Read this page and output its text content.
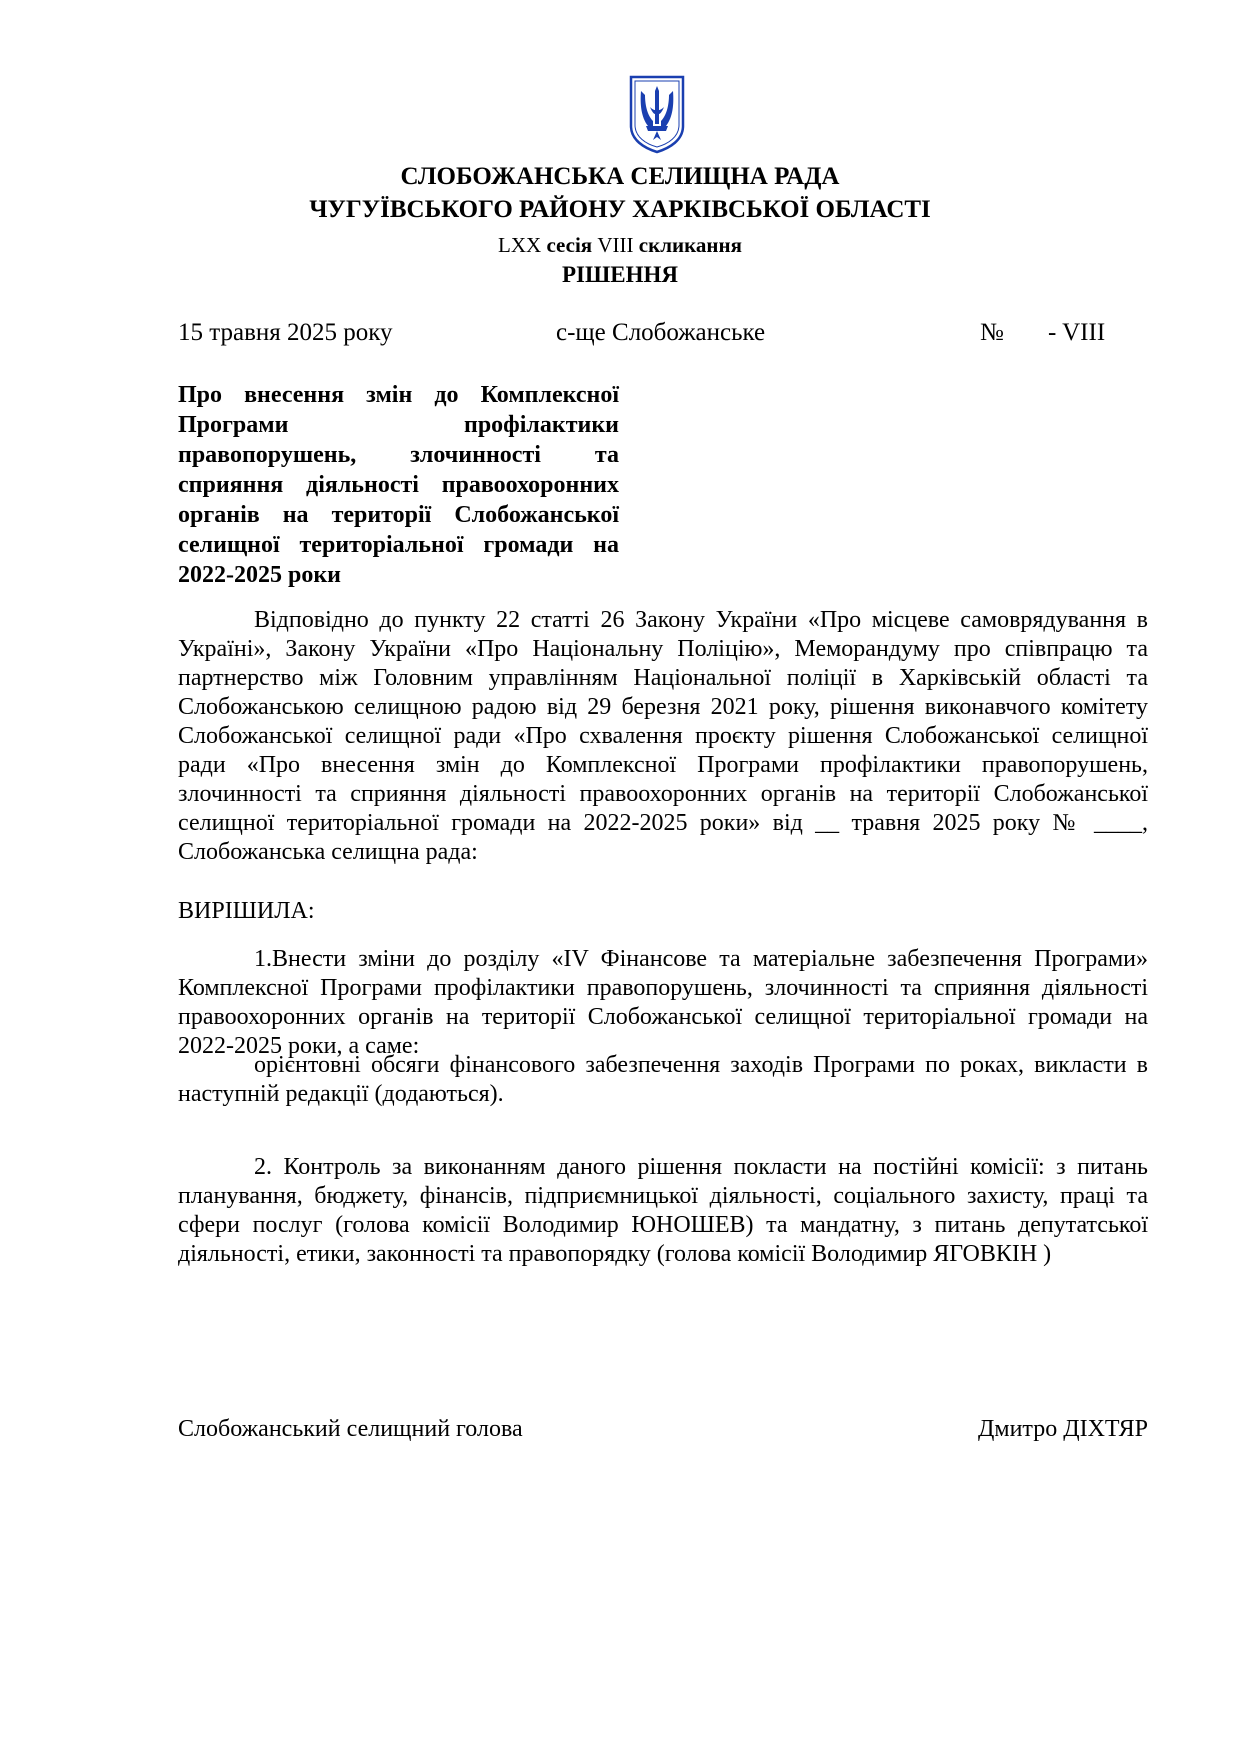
СЛОБОЖАНСЬКА СЕЛИЩНА РАДА
ЧУГУЇВСЬКОГО РАЙОНУ ХАРКІВСЬКОЇ ОБЛАСТІ
LXX сесія VIII скликання
РІШЕННЯ
15 травня 2025 року	с-ще Слобожанське	№ - VIII
Про внесення змін до Комплексної Програми профілактики правопорушень, злочинності та сприяння діяльності правоохоронних органів на території Слобожанської селищної територіальної громади на 2022-2025 роки
Відповідно до пункту 22 статті 26 Закону України «Про місцеве самоврядування в Україні», Закону України «Про Національну Поліцію», Меморандуму про співпрацю та партнерство між Головним управлінням Національної поліції в Харківській області та Слобожанською селищною радою від 29 березня 2021 року, рішення виконавчого комітету Слобожанської селищної ради «Про схвалення проєкту рішення Слобожанської селищної ради «Про внесення змін до Комплексної Програми профілактики правопорушень, злочинності та сприяння діяльності правоохоронних органів на території Слобожанської селищної територіальної громади на 2022-2025 роки» від __ травня 2025 року № ____, Слобожанська селищна рада:
ВИРІШИЛА:
1.Внести зміни до розділу «ІV Фінансове та матеріальне забезпечення Програми» Комплексної Програми профілактики правопорушень, злочинності та сприяння діяльності правоохоронних органів на території Слобожанської селищної територіальної громади на 2022-2025 роки, а саме:
орієнтовні обсяги фінансового забезпечення заходів Програми по роках, викласти в наступній редакції (додаються).
2. Контроль за виконанням даного рішення покласти на постійні комісії: з питань планування, бюджету, фінансів, підприємницької діяльності, соціального захисту, праці та сфери послуг (голова комісії Володимир ЮНОШЕВ) та мандатну, з питань депутатської діяльності, етики, законності та правопорядку (голова комісії Володимир ЯГОВКІН )
Слобожанський селищний голова	Дмитро ДІХТЯР
